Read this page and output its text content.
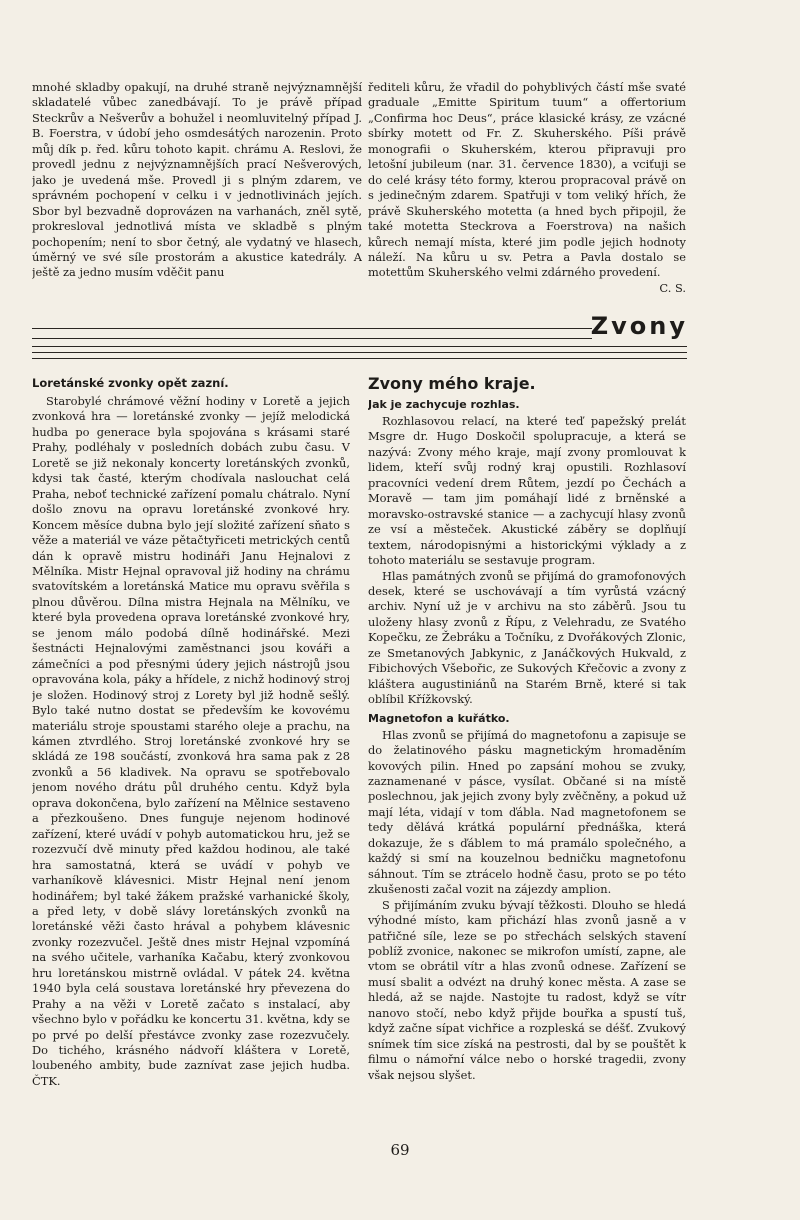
mnohé skladby opakují, na druhé straně nejvýznamnější skladatelé vůbec zanedbávají. To je právě případ Steckrův a Nešverův a bohužel i neomluvitelný případ J. B. Foerstra, v údobí jeho osmdesátých narozenin. Proto můj dík p. řed. kůru tohoto kapit. chrámu A. Reslovi, že provedl jednu z nejvýznamnějších prací Nešverových, jako je uvedená mše. Provedl ji s plným zdarem, ve správném pochopení v celku i v jednotlivinách jejích. Sbor byl bezvadně doprovázen na varhanách, zněl sytě, prokresloval jednotlivá místa ve skladbě s plným pochopením; není to sbor četný, ale vydatný ve hlasech, úměrný ve své síle prostorám a akustice katedrály. A ještě za jedno musím vděčit panu

řediteli kůru, že vřadil do pohyblivých částí mše svaté graduale „Emitte Spiritum tuum“ a offertorium „Confirma hoc Deus“, práce klasické krásy, ze vzácné sbírky motett od Fr. Z. Skuherského. Píši právě monografii o Skuherském, kterou připravuji pro letošní jubileum (nar. 31. července 1830), a vciťuji se do celé krásy této formy, kterou propracoval právě on s jedinečným zdarem. Spatřuji v tom veliký hřích, že právě Skuherského motetta (a hned bych připojil, že také motetta Steckrova a Foerstrova) na našich kůrech nemají místa, které jim podle jejich hodnoty náleží. Na kůru u sv. Petra a Pavla dostalo se motettům Skuherského velmi zdárného provedení.

C. S.
Zvony
Loretánské zvonky opět zazní.

Starobylé chrámové věžní hodiny v Loretě a jejich zvonková hra — loretánské zvonky — jejíž melodická hudba po generace byla spojována s krásami staré Prahy, podléhaly v posledních dobách zubu času. V Loretě se již nekonaly koncerty loretánských zvonků, kdysi tak časté, kterým chodívala naslouchat celá Praha, neboť technické zařízení pomalu chátralo. Nyní došlo znovu na opravu loretánské zvonkové hry. Koncem měsíce dubna bylo její složité zařízení sňato s věže a materiál ve váze pětačtyřiceti metrických centů dán k opravě mistru hodináři Janu Hejnalovi z Mělníka. Mistr Hejnal opravoval již hodiny na chrámu svatovítském a loretánská Matice mu opravu svěřila s plnou důvěrou. Dílna mistra Hejnala na Mělníku, ve které byla provedena oprava loretánské zvonkové hry, se jenom málo podobá dílně hodinářské. Mezi šestnácti Hejnalovými zaměstnanci jsou kováři a zámečníci a pod přesnými údery jejich nástrojů jsou opravována kola, páky a hřídele, z nichž hodinový stroj je složen. Hodinový stroj z Lorety byl již hodně sešlý. Bylo také nutno dostat se především ke kovovému materiálu stroje spoustami starého oleje a prachu, na kámen ztvrdlého. Stroj loretánské zvonkové hry se skládá ze 198 součástí, zvonková hra sama pak z 28 zvonků a 56 kladivek. Na opravu se spotřebovalo jenom nového drátu půl druhého centu. Když byla oprava dokončena, bylo zařízení na Mělnice sestaveno a přezkoušeno. Dnes funguje nejenom hodinové zařízení, které uvádí v pohyb automatickou hru, jež se rozezvučí dvě minuty před každou hodinou, ale také hra samostatná, která se uvádí v pohyb ve varhaníkově klávesnici. Mistr Hejnal není jenom hodinářem; byl také žákem pražské varhanické školy, a před lety, v době slávy loretánských zvonků na loretánské věži často hrával a pohybem klávesnic zvonky rozezvučel. Ještě dnes mistr Hejnal vzpomíná na svého učitele, varhaníka Kačabu, který zvonkovou hru loretánskou mistrně ovládal. V pátek 24. května 1940 byla celá soustava loretánské hry převezena do Prahy a na věži v Loretě začato s instalací, aby všechno bylo v pořádku ke koncertu 31. května, kdy se po prvé po delší přestávce zvonky zase rozezvučely. Do tichého, krásného nádvoří kláštera v Loretě, loubeného ambity, bude zaznívat zase jejich hudba. ČTK.

Zvony mého kraje.
Jak je zachycuje rozhlas.

Rozhlasovou relací, na které teď papežský prelát Msgre dr. Hugo Doskočil spolupracuje, a která se nazývá: Zvony mého kraje, mají zvony promlouvat k lidem, kteří svůj rodný kraj opustili. Rozhlasoví pracovníci vedení drem Růtem, jezdí po Čechách a Moravě — tam jim pomáhají lidé z brněnské a moravsko-ostravské stanice — a zachycují hlasy zvonů ze vsí a městeček. Akustické záběry se doplňují textem, národopisnými a historickými výklady a z tohoto materiálu se sestavuje program.

Hlas památných zvonů se přijímá do gramofonových desek, které se uschovávají a tím vyrůstá vzácný archiv. Nyní už je v archivu na sto záběrů. Jsou tu uloženy hlasy zvonů z Řípu, z Velehradu, ze Svatého Kopečku, ze Žebráku a Točníku, z Dvořákových Zlonic, ze Smetanových Jabkynic, z Janáčkových Hukvald, z Fibichových Všebořic, ze Sukových Křečovic a zvony z kláštera augustiniánů na Starém Brně, které si tak oblíbil Křížkovský.

Magnetofon a kuřátko.

Hlas zvonů se přijímá do magnetofonu a zapisuje se do želatinového pásku magnetickým hromaděním kovových pilin. Hned po zapsání mohou se zvuky, zaznamenané v pásce, vysílat. Občané si na místě poslechnou, jak jejich zvony byly zvěčněny, a pokud už mají léta, vidají v tom ďábla. Nad magnetofonem se tedy dělává krátká populární přednáška, která dokazuje, že s ďáblem to má pramálo společného, a každý si smí na kouzelnou bedničku magnetofonu sáhnout. Tím se ztrácelo hodně času, proto se po této zkušenosti začal vozit na zájezdy amplion.

S přijímáním zvuku bývají těžkosti. Dlouho se hledá výhodné místo, kam přichází hlas zvonů jasně a v patřičné síle, leze se po střechách selských stavení poblíž zvonice, nakonec se mikrofon umístí, zapne, ale vtom se obrátil vítr a hlas zvonů odnese. Zařízení se musí sbalit a odvézt na druhý konec města. A zase se hledá, až se najde. Nastojte tu radost, když se vítr nanovo stočí, nebo když přijde bouřka a spustí tuš, když začne sípat vichřice a rozpleská se déšť. Zvukový snímek tím sice získá na pestrosti, dal by se pouštět k filmu o námořní válce nebo o horské tragedii, zvony však nejsou slyšet.

69
